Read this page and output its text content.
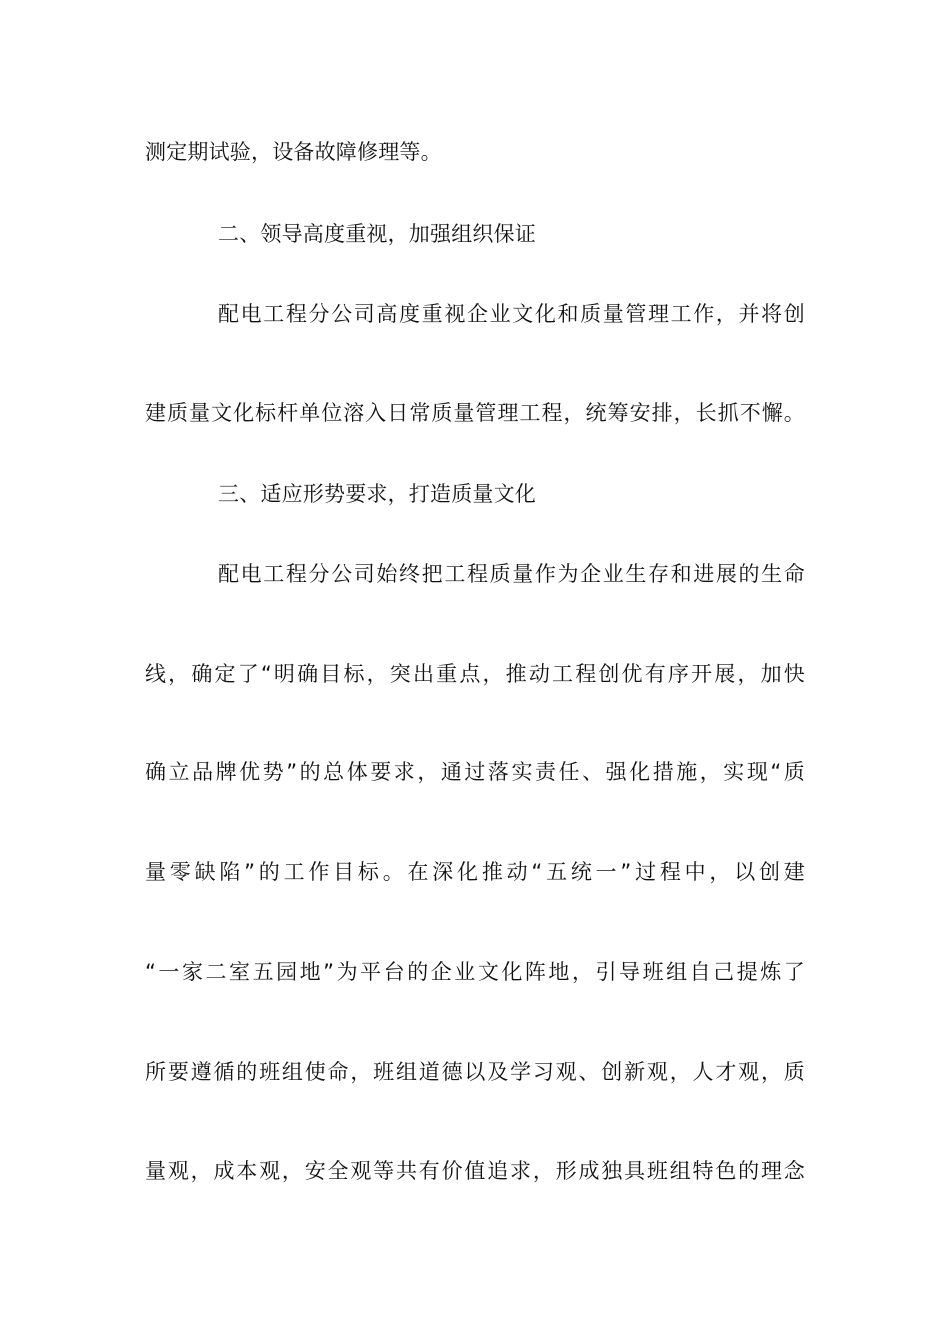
测定期试验，设备故障修理等。
二、领导高度重视，加强组织保证
配电工程分公司高度重视企业文化和质量管理工作，并将创
建质量文化标杆单位溶入日常质量管理工程，统筹安排，长抓不懈。
三、适应形势要求，打造质量文化
配电工程分公司始终把工程质量作为企业生存和进展的生命
线，确定了“明确目标，突出重点，推动工程创优有序开展，加快
确立品牌优势”的总体要求，通过落实责任、强化措施，实现“质
量零缺陷”的工作目标。在深化推动“五统一”过程中，以创建
“一家二室五园地”为平台的企业文化阵地，引导班组自己提炼了
所要遵循的班组使命，班组道德以及学习观、创新观，人才观，质
量观，成本观，安全观等共有价值追求，形成独具班组特色的理念
